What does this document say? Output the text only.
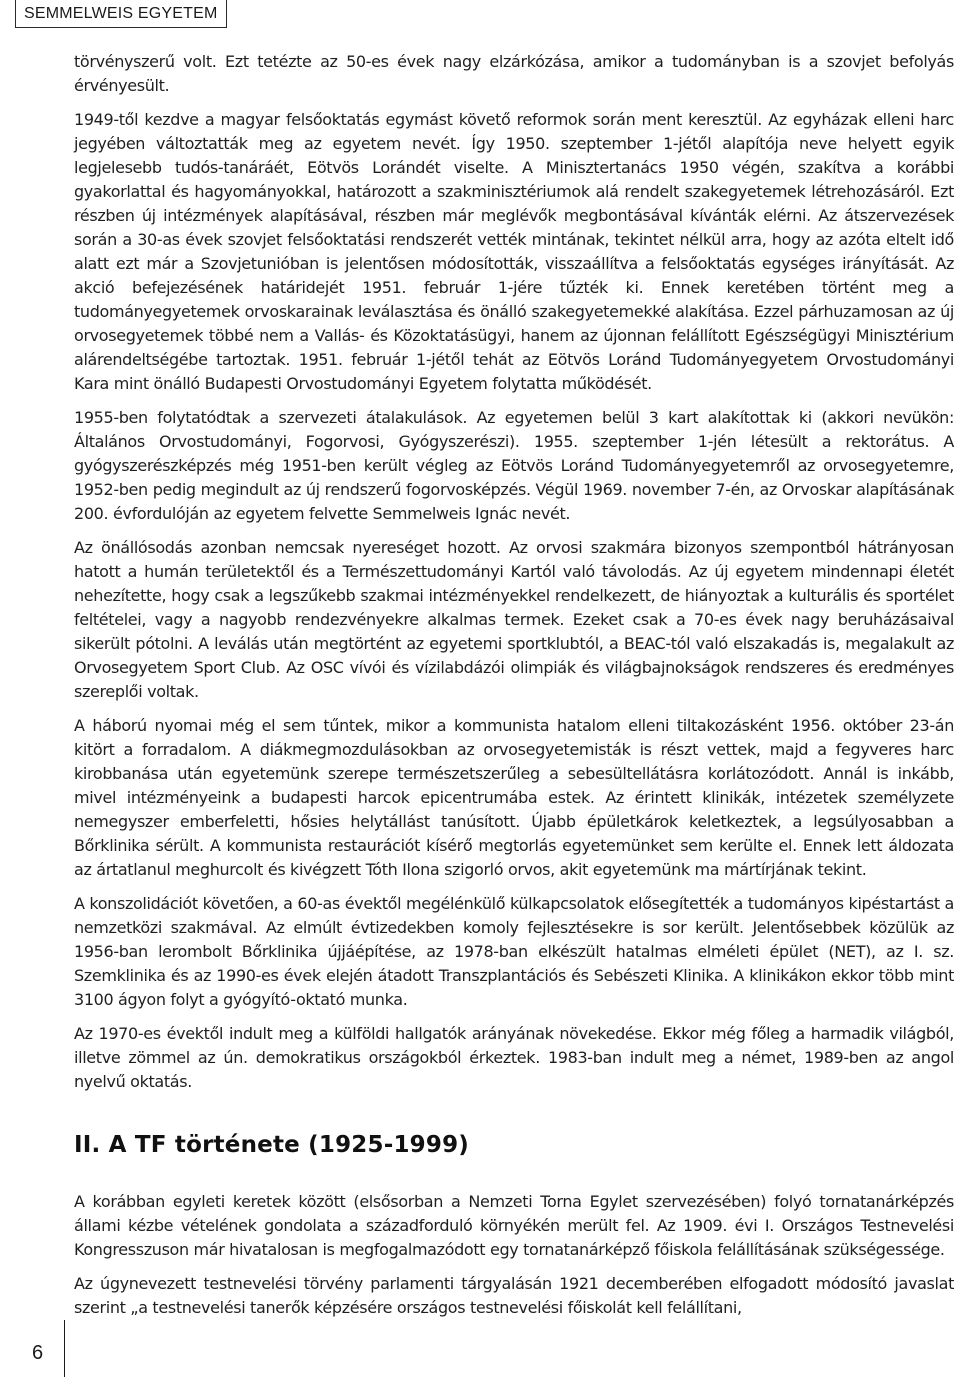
SEMMELWEIS EGYETEM

törvényszerű volt. Ezt tetézte az 50-es évek nagy elzárkózása, amikor a tudományban is a szovjet befolyás érvényesült.

1949-től kezdve a magyar felsőoktatás egymást követő reformok során ment keresztül. Az egyházak elleni harc jegyében változtatták meg az egyetem nevét. Így 1950. szeptember 1-jétől alapítója neve helyett egyik legjelesebb tudós-tanáráét, Eötvös Lorándét viselte. A Minisztertanács 1950 végén, szakítva a korábbi gyakorlattal és hagyományokkal, határozott a szakminisztériumok alá rendelt szakegyetemek létrehozásáról. Ezt részben új intézmények alapításával, részben már meglévők megbontásával kívánták elérni. Az átszervezések során a 30-as évek szovjet felsőoktatási rendszerét vették mintának, tekintet nélkül arra, hogy az azóta eltelt idő alatt ezt már a Szovjetunióban is jelentősen módosították, visszaállítva a felsőoktatás egységes irányítását. Az akció befejezésének határidejét 1951. február 1-jére tűzték ki. Ennek keretében történt meg a tudományegyetemek orvoskarainak leválasztása és önálló szakegyetemekké alakítása. Ezzel párhuzamosan az új orvosegyetemek többé nem a Vallás- és Közoktatásügyi, hanem az újonnan felállított Egészségügyi Minisztérium alárendeltségébe tartoztak. 1951. február 1-jétől tehát az Eötvös Loránd Tudományegyetem Orvostudományi Kara mint önálló Budapesti Orvostudományi Egyetem folytatta működését.

1955-ben folytatódtak a szervezeti átalakulások. Az egyetemen belül 3 kart alakítottak ki (akkori nevükön: Általános Orvostudományi, Fogorvosi, Gyógyszerészi). 1955. szeptember 1-jén létesült a rektorátus. A gyógyszerészképzés még 1951-ben került végleg az Eötvös Loránd Tudományegyetemről az orvosegyetemre, 1952-ben pedig megindult az új rendszerű fogorvosképzés. Végül 1969. november 7-én, az Orvoskar alapításának 200. évfordulóján az egyetem felvette Semmelweis Ignác nevét.

Az önállósodás azonban nemcsak nyereséget hozott. Az orvosi szakmára bizonyos szempontból hátrányosan hatott a humán területektől és a Természettudományi Kartól való távolodás. Az új egyetem mindennapi életét nehezítette, hogy csak a legszűkebb szakmai intézményekkel rendelkezett, de hiányoztak a kulturális és sportélet feltételei, vagy a nagyobb rendezvényekre alkalmas termek. Ezeket csak a 70-es évek nagy beruházásaival sikerült pótolni. A leválás után megtörtént az egyetemi sportklubtól, a BEAC-tól való elszakadás is, megalakult az Orvosegyetem Sport Club. Az OSC vívói és vízilabdázói olimpiák és világbajnokságok rendszeres és eredményes szereplői voltak.

A háború nyomai még el sem tűntek, mikor a kommunista hatalom elleni tiltakozásként 1956. október 23-án kitört a forradalom. A diákmegmozdulásokban az orvosegyetemisták is részt vettek, majd a fegyveres harc kirobbanása után egyetemünk szerepe természetszerűleg a sebesültellátásra korlátozódott. Annál is inkább, mivel intézményeink a budapesti harcok epicentrumába estek. Az érintett klinikák, intézetek személyzete nemegyszer emberfeletti, hősies helytállást tanúsított. Újabb épületkárok keletkeztek, a legsúlyosabban a Bőrklinika sérült. A kommunista restaurációt kísérő megtorlás egyetemünket sem kerülte el. Ennek lett áldozata az ártatlanul meghurcolt és kivégzett Tóth Ilona szigorló orvos, akit egyetemünk ma mártírjának tekint.

A konszolidációt követően, a 60-as évektől megélénkülő külkapcsolatok elősegítették a tudományos kipéstartást a nemzetközi szakmával. Az elmúlt évtizedekben komoly fejlesztésekre is sor került. Jelentősebbek közülük az 1956-ban lerombolt Bőrklinika újjáépítése, az 1978-ban elkészült hatalmas elméleti épület (NET), az I. sz. Szemklinika és az 1990-es évek elején átadott Transzplantációs és Sebészeti Klinika. A klinikákon ekkor több mint 3100 ágyon folyt a gyógyító-oktató munka.

Az 1970-es évektől indult meg a külföldi hallgatók arányának növekedése. Ekkor még főleg a harmadik világból, illetve zömmel az ún. demokratikus országokból érkeztek. 1983-ban indult meg a német, 1989-ben az angol nyelvű oktatás.

II. A TF története (1925-1999)

A korábban egyleti keretek között (elsősorban a Nemzeti Torna Egylet szervezésében) folyó tornatanárképzés állami kézbe vételének gondolata a századforduló környékén merült fel. Az 1909. évi I. Országos Testnevelési Kongresszuson már hivatalosan is megfogalmazódott egy tornatanárképző főiskola felállításának szükségessége.

Az úgynevezett testnevelési törvény parlamenti tárgyalásán 1921 decemberében elfogadott módosító javaslat szerint „a testnevelési tanerők képzésére országos testnevelési főiskolát kell felállítani,

6
